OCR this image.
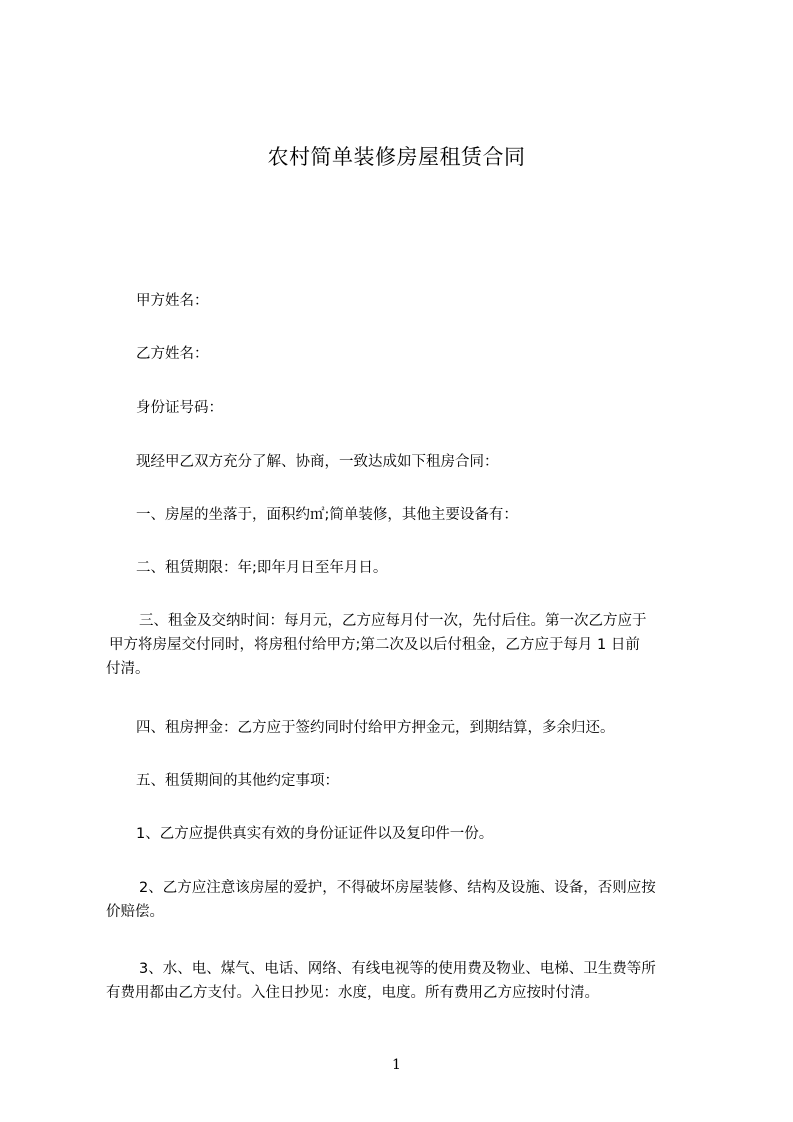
农村简单装修房屋租赁合同
甲方姓名：
乙方姓名：
身份证号码：
现经甲乙双方充分了解、协商，一致达成如下租房合同：
一、房屋的坐落于，面积约㎡;简单装修，其他主要设备有：
二、租赁期限：年;即年月日至年月日。
三、租金及交纳时间：每月元，乙方应每月付一次，先付后住。第一次乙方应于
甲方将房屋交付同时，将房租付给甲方;第二次及以后付租金，乙方应于每月 1 日前
付清。
四、租房押金：乙方应于签约同时付给甲方押金元，到期结算，多余归还。
五、租赁期间的其他约定事项：
1、乙方应提供真实有效的身份证证件以及复印件一份。
2、乙方应注意该房屋的爱护，不得破坏房屋装修、结构及设施、设备，否则应按
价赔偿。
3、水、电、煤气、电话、网络、有线电视等的使用费及物业、电梯、卫生费等所
有费用都由乙方支付。入住日抄见：水度，电度。所有费用乙方应按时付清。
1
